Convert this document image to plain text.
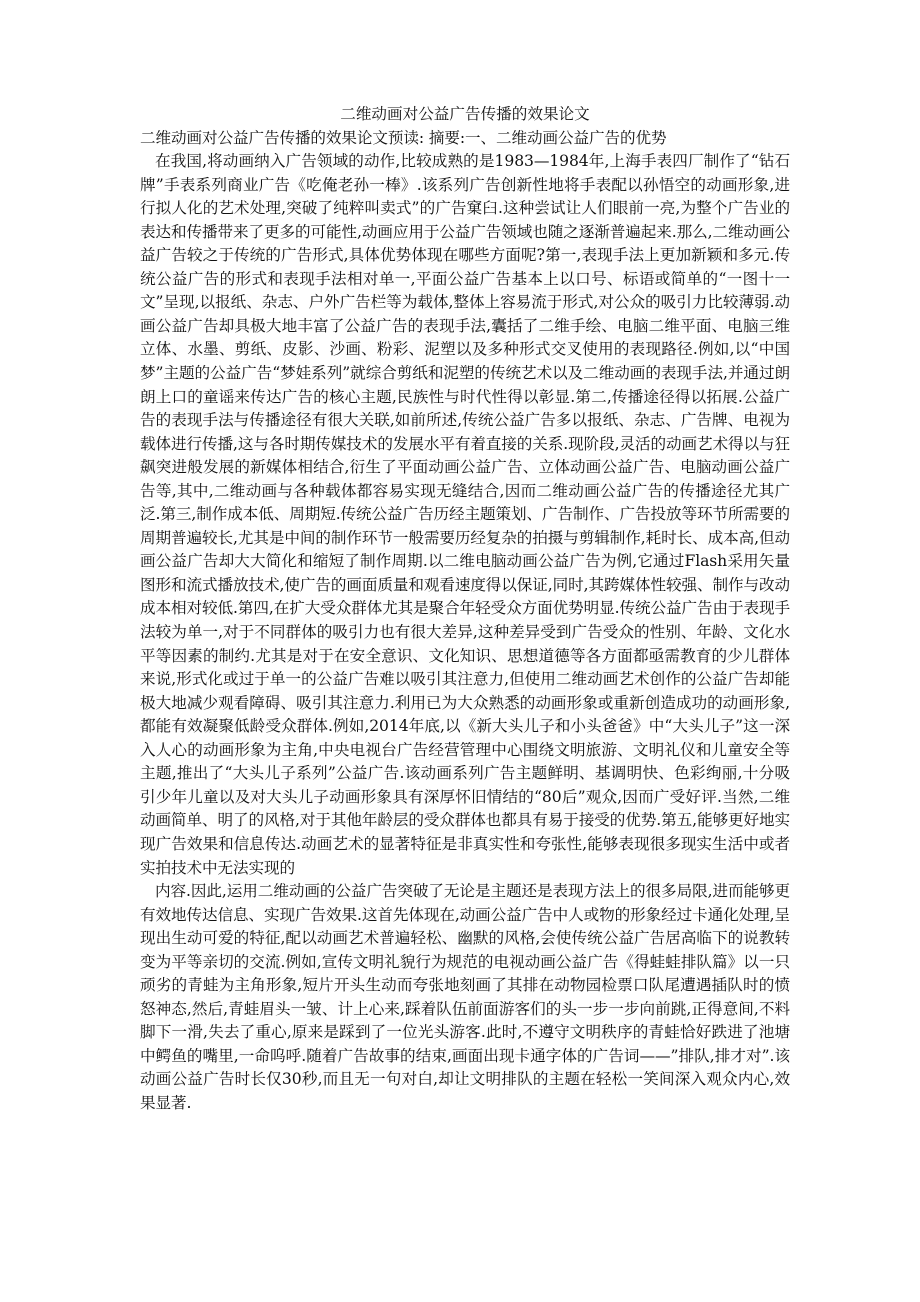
二维动画对公益广告传播的效果论文

二维动画对公益广告传播的效果论文预读: 摘要:一、二维动画公益广告的优势

在我国,将动画纳入广告领域的动作,比较成熟的是1983—1984年,上海手表四厂制作了“钻石牌”手表系列商业广告《吃俺老孙一棒》.该系列广告创新性地将手表配以孙悟空的动画形象,进行拟人化的艺术处理,突破了纯粹叫卖式”的广告窠臼.这种尝试让人们眼前一亮,为整个广告业的表达和传播带来了更多的可能性,动画应用于公益广告领域也随之逐渐普遍起来.那么,二维动画公益广告较之于传统的广告形式,具体优势体现在哪些方面呢?第一,表现手法上更加新颖和多元.传统公益广告的形式和表现手法相对单一,平面公益广告基本上以口号、标语或简单的“一图十一文”呈现,以报纸、杂志、户外广告栏等为载体,整体上容易流于形式,对公众的吸引力比较薄弱.动画公益广告却具极大地丰富了公益广告的表现手法,囊括了二维手绘、电脑二维平面、电脑三维立体、水墨、剪纸、皮影、沙画、粉彩、泥塑以及多种形式交叉使用的表现路径.例如,以“中国梦”主题的公益广告“梦娃系列”就综合剪纸和泥塑的传统艺术以及二维动画的表现手法,并通过朗朗上口的童谣来传达广告的核心主题,民族性与时代性得以彰显.第二,传播途径得以拓展.公益广告的表现手法与传播途径有很大关联,如前所述,传统公益广告多以报纸、杂志、广告牌、电视为载体进行传播,这与各时期传媒技术的发展水平有着直接的关系.现阶段,灵活的动画艺术得以与狂飙突进般发展的新媒体相结合,衍生了平面动画公益广告、立体动画公益广告、电脑动画公益广告等,其中,二维动画与各种载体都容易实现无缝结合,因而二维动画公益广告的传播途径尤其广泛.第三,制作成本低、周期短.传统公益广告历经主题策划、广告制作、广告投放等环节所需要的周期普遍较长,尤其是中间的制作环节一般需要历经复杂的拍摄与剪辑制作,耗时长、成本高,但动画公益广告却大大简化和缩短了制作周期.以二维电脑动画公益广告为例,它通过Flash采用矢量图形和流式播放技术,使广告的画面质量和观看速度得以保证,同时,其跨媒体性较强、制作与改动成本相对较低.第四,在扩大受众群体尤其是聚合年轻受众方面优势明显.传统公益广告由于表现手法较为单一,对于不同群体的吸引力也有很大差异,这种差异受到广告受众的性别、年龄、文化水平等因素的制约.尤其是对于在安全意识、文化知识、思想道德等各方面都亟需教育的少儿群体来说,形式化或过于单一的公益广告难以吸引其注意力,但使用二维动画艺术创作的公益广告却能极大地减少观看障碍、吸引其注意力.利用已为大众熟悉的动画形象或重新创造成功的动画形象,都能有效凝聚低龄受众群体.例如,2014年底,以《新大头儿子和小头爸爸》中“大头儿子”这一深入人心的动画形象为主角,中央电视台广告经营管理中心围绕文明旅游、文明礼仪和儿童安全等主题,推出了“大头儿子系列”公益广告.该动画系列广告主题鲜明、基调明快、色彩绚丽,十分吸引少年儿童以及对大头儿子动画形象具有深厚怀旧情结的“80后”观众,因而广受好评.当然,二维动画简单、明了的风格,对于其他年龄层的受众群体也都具有易于接受的优势.第五,能够更好地实现广告效果和信息传达.动画艺术的显著特征是非真实性和夸张性,能够表现很多现实生活中或者实拍技术中无法实现的

内容.因此,运用二维动画的公益广告突破了无论是主题还是表现方法上的很多局限,进而能够更有效地传达信息、实现广告效果.这首先体现在,动画公益广告中人或物的形象经过卡通化处理,呈现出生动可爱的特征,配以动画艺术普遍轻松、幽默的风格,会使传统公益广告居高临下的说教转变为平等亲切的交流.例如,宣传文明礼貌行为规范的电视动画公益广告《得蛙蛙排队篇》以一只顽劣的青蛙为主角形象,短片开头生动而夸张地刻画了其排在动物园检票口队尾遭遇插队时的愤怒神态,然后,青蛙眉头一皱、计上心来,踩着队伍前面游客们的头一步一步向前跳,正得意间,不料脚下一滑,失去了重心,原来是踩到了一位光头游客.此时,不遵守文明秩序的青蛙恰好跌进了池塘中鳄鱼的嘴里,一命呜呼.随着广告故事的结束,画面出现卡通字体的广告词——”排队,排才对”.该动画公益广告时长仅30秒,而且无一句对白,却让文明排队的主题在轻松一笑间深入观众内心,效果显著.
